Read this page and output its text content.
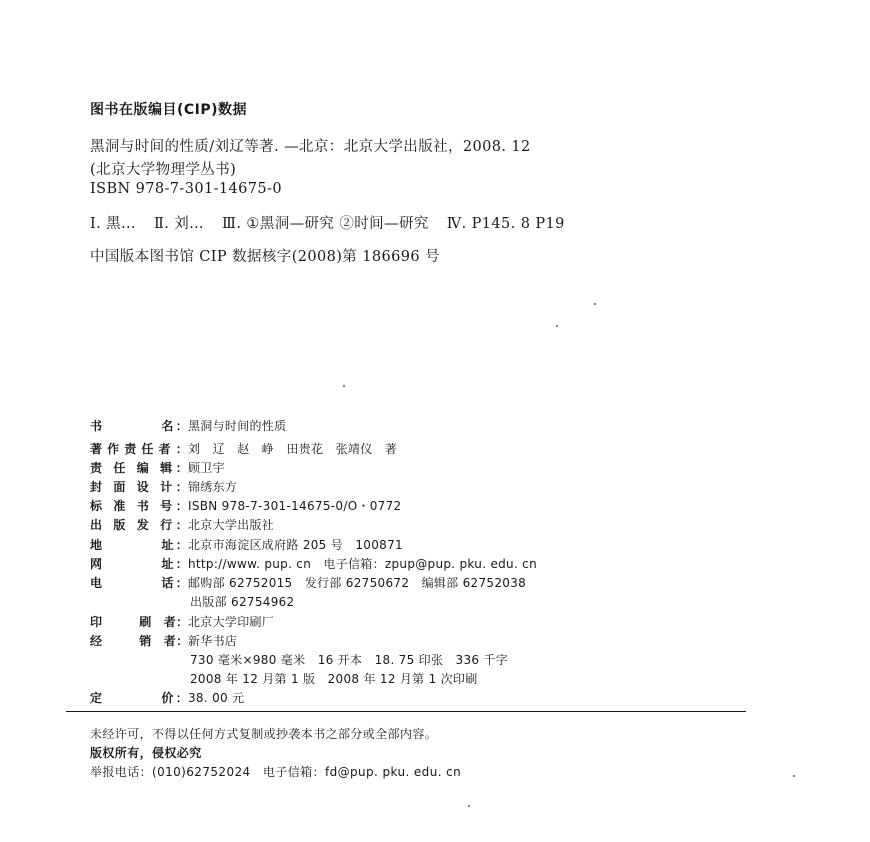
图书在版编目(CIP)数据
黑洞与时间的性质/刘辽等著. —北京：北京大学出版社，2008. 12
(北京大学物理学丛书)
ISBN 978-7-301-14675-0
Ⅰ. 黑… Ⅱ. 刘… Ⅲ. ①黑洞—研究 ②时间—研究 Ⅳ. P145. 8 P19
中国版本图书馆 CIP 数据核字(2008)第 186696 号
书　　　　名：黑洞与时间的性质
著作责任者：刘　辽　赵　峥　田贵花　张靖仪　著
责 任 编 辑：顾卫宇
封 面 设 计：锦绣东方
标 准 书 号：ISBN 978-7-301-14675-0/O・0772
出 版 发 行：北京大学出版社
地　　　　址：北京市海淀区成府路 205 号　100871
网　　　　址：http://www. pup. cn　电子信箱：zpup@pup. pku. edu. cn
电　　　　话：邮购部 62752015　发行部 62750672　编辑部 62752038
出版部 62754962
印　　　刷　者：北京大学印刷厂
经　　　销　者：新华书店
730 毫米×980 毫米　16 开本　18. 75 印张　336 千字
2008 年 12 月第 1 版　2008 年 12 月第 1 次印刷
定　　　　价：38. 00 元
未经许可，不得以任何方式复制或抄袭本书之部分或全部内容。
版权所有，侵权必究
举报电话：(010)62752024　电子信箱：fd@pup. pku. edu. cn
